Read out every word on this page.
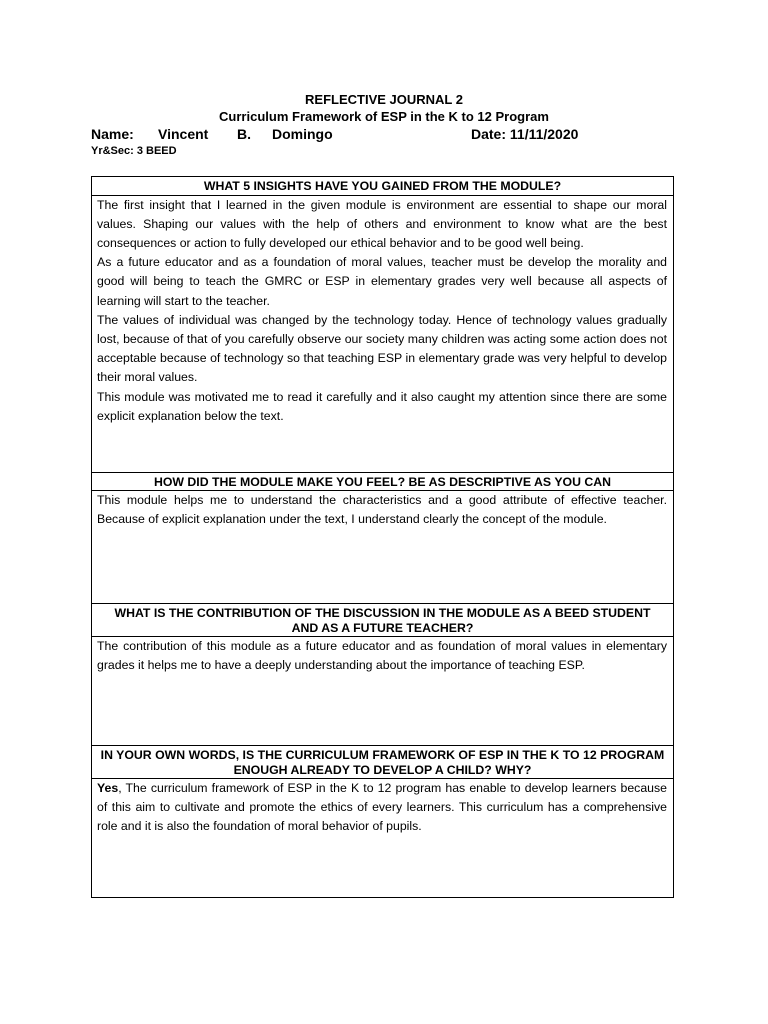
REFLECTIVE JOURNAL 2
Curriculum Framework of ESP in the K to 12 Program
Name: Vincent B. Domingo	Date: 11/11/2020
Yr&Sec: 3 BEED
WHAT 5 INSIGHTS HAVE YOU GAINED FROM THE MODULE?

The first insight that I learned in the given module is environment are essential to shape our moral values. Shaping our values with the help of others and environment to know what are the best consequences or action to fully developed our ethical behavior and to be good well being.

As a future educator and as a foundation of moral values, teacher must be develop the morality and good will being to teach the GMRC or ESP in elementary grades very well because all aspects of learning will start to the teacher.

The values of individual was changed by the technology today. Hence of technology values gradually lost, because of that of you carefully observe our society many children was acting some action does not acceptable because of technology so that teaching ESP in elementary grade was very helpful to develop their moral values.

This module was motivated me to read it carefully and it also caught my attention since there are some explicit explanation below the text.

HOW DID THE MODULE MAKE YOU FEEL? BE AS DESCRIPTIVE AS YOU CAN

This module helps me to understand the characteristics and a good attribute of effective teacher. Because of explicit explanation under the text, I understand clearly the concept of the module.

WHAT IS THE CONTRIBUTION OF THE DISCUSSION IN THE MODULE AS A BEED STUDENT AND AS A FUTURE TEACHER?

The contribution of this module as a future educator and as foundation of moral values in elementary grades it helps me to have a deeply understanding about the importance of teaching ESP.

IN YOUR OWN WORDS, IS THE CURRICULUM FRAMEWORK OF ESP IN THE K TO 12 PROGRAM ENOUGH ALREADY TO DEVELOP A CHILD? WHY?

Yes, The curriculum framework of ESP in the K to 12 program has enable to develop learners because of this aim to cultivate and promote the ethics of every learners. This curriculum has a comprehensive role and it is also the foundation of moral behavior of pupils.
